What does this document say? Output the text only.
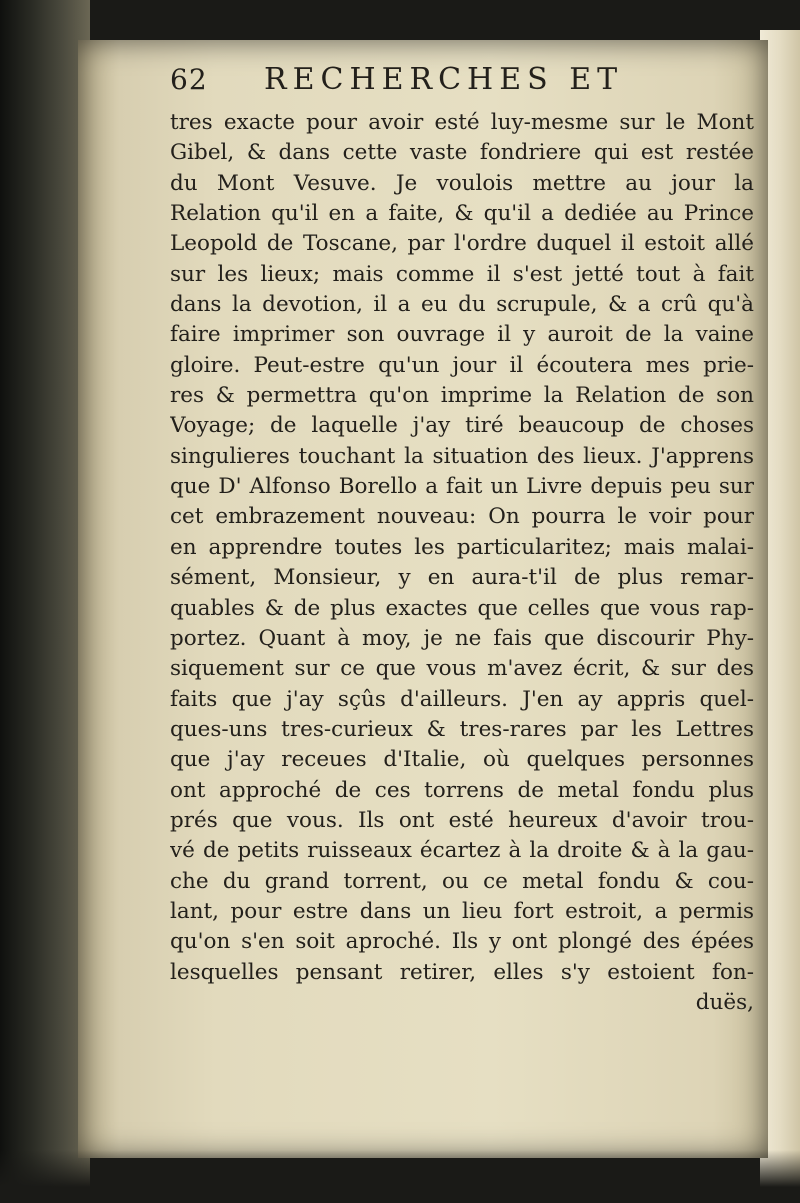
62 RECHERCHES ET
tres exacte pour avoir esté luy-mesme sur le Mont
Gibel, & dans cette vaste fondriere qui est restée
du Mont Vesuve. Je voulois mettre au jour la
Relation qu'il en a faite, & qu'il a dediée au Prince
Leopold de Toscane, par l'ordre duquel il estoit allé
sur les lieux; mais comme il s'est jetté tout à fait
dans la devotion, il a eu du scrupule, & a crû qu'à
faire imprimer son ouvrage il y auroit de la vaine
gloire. Peut-estre qu'un jour il écoutera mes prie-
res & permettra qu'on imprime la Relation de son
Voyage; de laquelle j'ay tiré beaucoup de choses
singulieres touchant la situation des lieux. J'apprens
que D' Alfonso Borello a fait un Livre depuis peu sur
cet embrazement nouveau: On pourra le voir pour
en apprendre toutes les particularitez; mais malai-
sément, Monsieur, y en aura-t'il de plus remar-
quables & de plus exactes que celles que vous rap-
portez. Quant à moy, je ne fais que discourir Phy-
siquement sur ce que vous m'avez écrit, & sur des
faits que j'ay sçûs d'ailleurs. J'en ay appris quel-
ques-uns tres-curieux & tres-rares par les Lettres
que j'ay receues d'Italie, où quelques personnes
ont approché de ces torrens de metal fondu plus
prés que vous. Ils ont esté heureux d'avoir trou-
vé de petits ruisseaux écartez à la droite & à la gau-
che du grand torrent, ou ce metal fondu & cou-
lant, pour estre dans un lieu fort estroit, a permis
qu'on s'en soit aproché. Ils y ont plongé des épées
lesquelles pensant retirer, elles s'y estoient fon-
duës,
